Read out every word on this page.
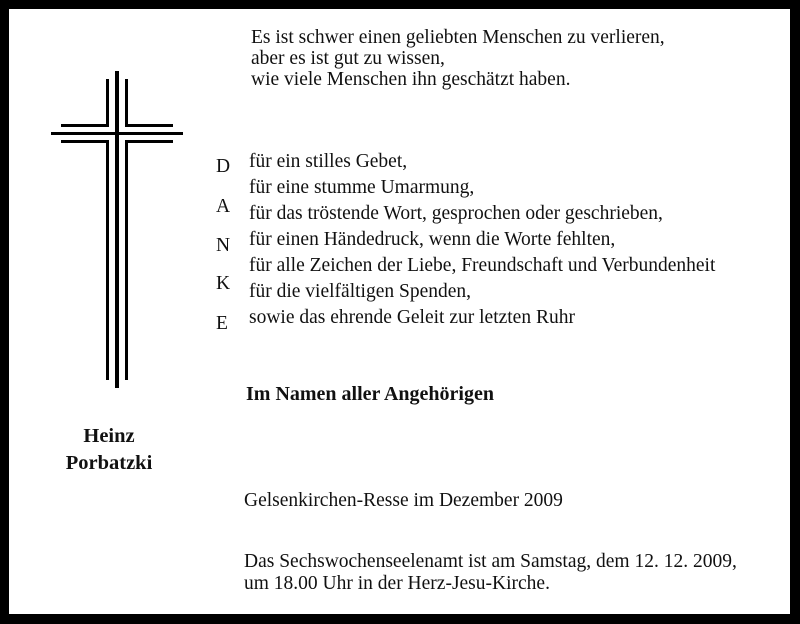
Es ist schwer einen geliebten Menschen zu verlieren,
aber es ist gut zu wissen,
wie viele Menschen ihn geschätzt haben.
D
A
N
K
E
für ein stilles Gebet,
für eine stumme Umarmung,
für das tröstende Wort, gesprochen oder geschrieben,
für einen Händedruck, wenn die Worte fehlten,
für alle Zeichen der Liebe, Freundschaft und Verbundenheit
für die vielfältigen Spenden,
sowie das ehrende Geleit zur letzten Ruhr
Im Namen aller Angehörigen
Heinz
Porbatzki
Gelsenkirchen-Resse im Dezember 2009
Das Sechswochenseelenamt ist am Samstag, dem 12. 12. 2009,
um 18.00 Uhr in der Herz-Jesu-Kirche.
